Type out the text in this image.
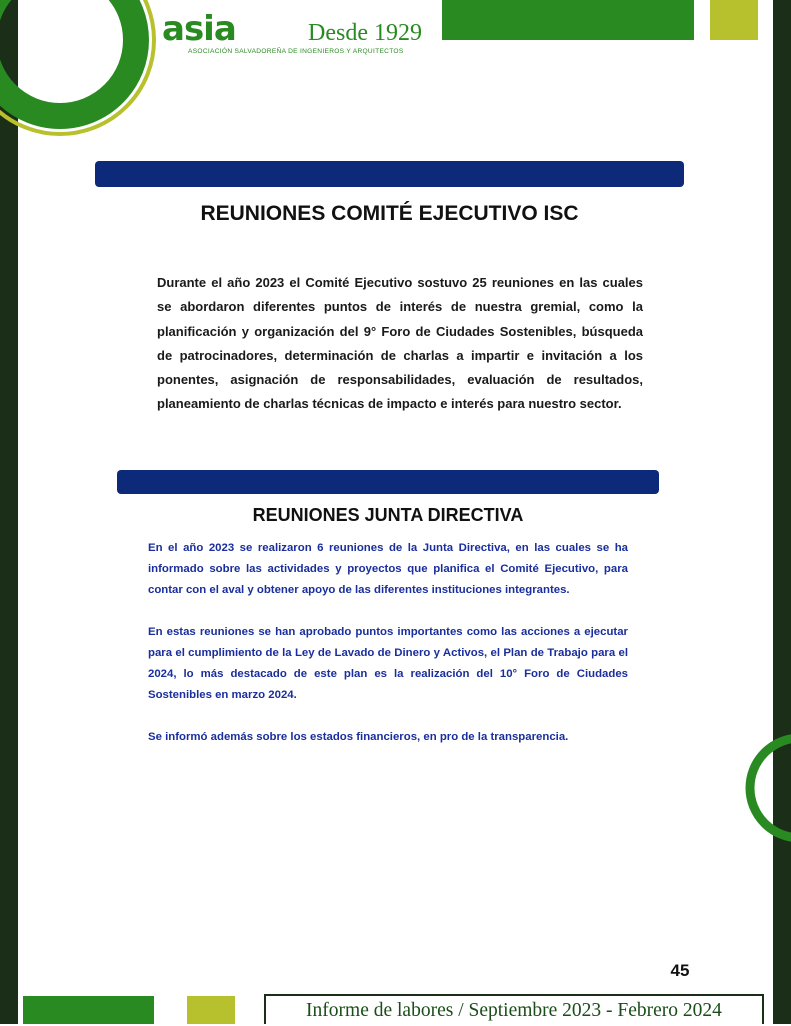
asia	Desde 1929
ASOCIACIÓN SALVADOREÑA DE INGENIEROS Y ARQUITECTOS
REUNIONES COMITÉ EJECUTIVO ISC

Durante el año 2023 el Comité Ejecutivo sostuvo 25 reuniones en las cuales se abordaron diferentes puntos de interés de nuestra gremial, como la planificación y organización del 9° Foro de Ciudades Sostenibles, búsqueda de patrocinadores, determinación de charlas a impartir e invitación a los ponentes, asignación de responsabilidades, evaluación de resultados, planeamiento de charlas técnicas de impacto e interés para nuestro sector.

REUNIONES JUNTA DIRECTIVA

En el año 2023 se realizaron 6 reuniones de la Junta Directiva, en las cuales se ha informado sobre las actividades y proyectos que planifica el Comité Ejecutivo, para contar con el aval y obtener apoyo de las diferentes instituciones integrantes.

En estas reuniones se han aprobado puntos importantes como las acciones a ejecutar para el cumplimiento de la Ley de Lavado de Dinero y Activos, el Plan de Trabajo para el 2024, lo más destacado de este plan es la realización del 10° Foro de Ciudades Sostenibles en marzo 2024.

Se informó además sobre los estados financieros, en pro de la transparencia.

45
Informe de labores / Septiembre 2023 - Febrero 2024
